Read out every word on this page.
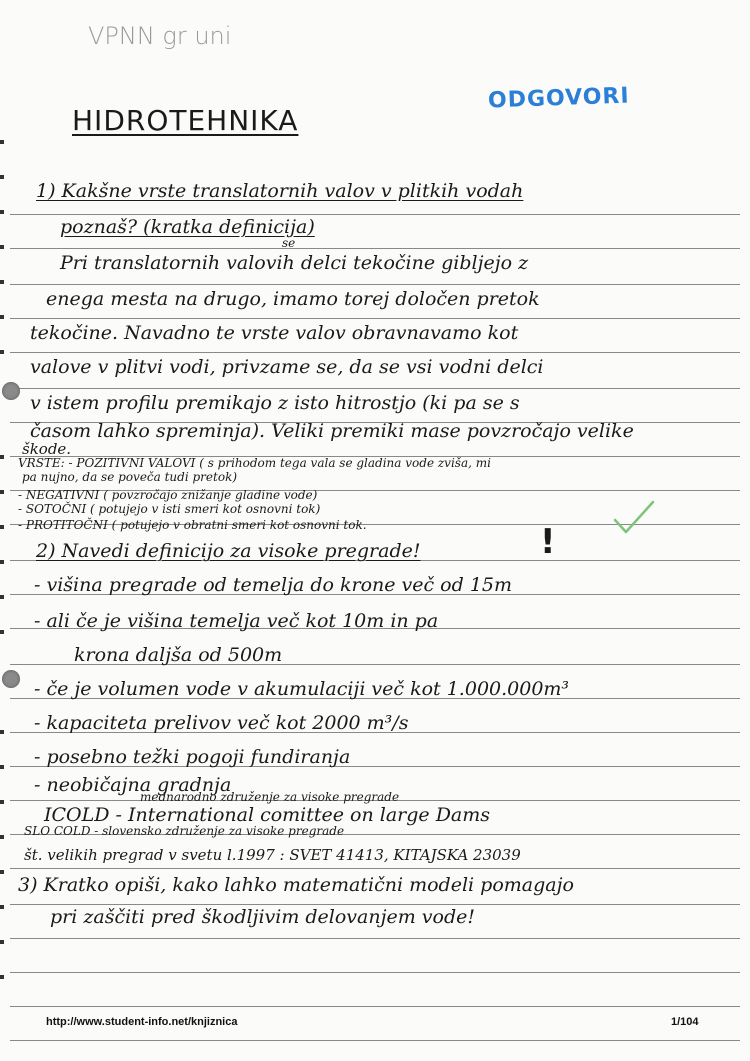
VPNN gr uni
ODGOVORI
HIDROTEHNIKA
1) Kakšne vrste translatornih valov v plitkih vodah
poznaš? (kratka definicija)
se
Pri translatornih valovih delci tekočine gibljejo z
enega mesta na drugo, imamo torej določen pretok
tekočine. Navadno te vrste valov obravnavamo kot
valove v plitvi vodi, privzame se, da se vsi vodni delci
v istem profilu premikajo z isto hitrostjo (ki pa se s
časom lahko spreminja). Veliki premiki mase povzročajo velike
škode.
VRSTE: - POZITIVNI VALOVI ( s prihodom tega vala se gladina vode zviša, mi
pa nujno, da se poveča tudi pretok)
- NEGATIVNI ( povzročajo znižanje gladine vode)
- SOTOČNI ( potujejo v isti smeri kot osnovni tok)
- PROTITOČNI ( potujejo v obratni smeri kot osnovni tok.
2) Navedi definicijo za visoke pregrade!	!
- višina pregrade od temelja do krone več od 15m
- ali če je višina temelja več kot 10m in pa
krona daljša od 500m
- če je volumen vode v akumulaciji več kot 1.000.000m³
- kapaciteta prelivov več kot 2000 m³/s
- posebno težki pogoji fundiranja
- neobičajna gradnja
mednarodno združenje za visoke pregrade
ICOLD - International comittee on large Dams
SLO COLD - slovensko združenje za visoke pregrade
št. velikih pregrad v svetu l.1997 : SVET 41413, KITAJSKA 23039
3) Kratko opiši, kako lahko matematični modeli pomagajo
pri zaščiti pred škodljivim delovanjem vode!
http://www.student-info.net/knjiznica	1/104
